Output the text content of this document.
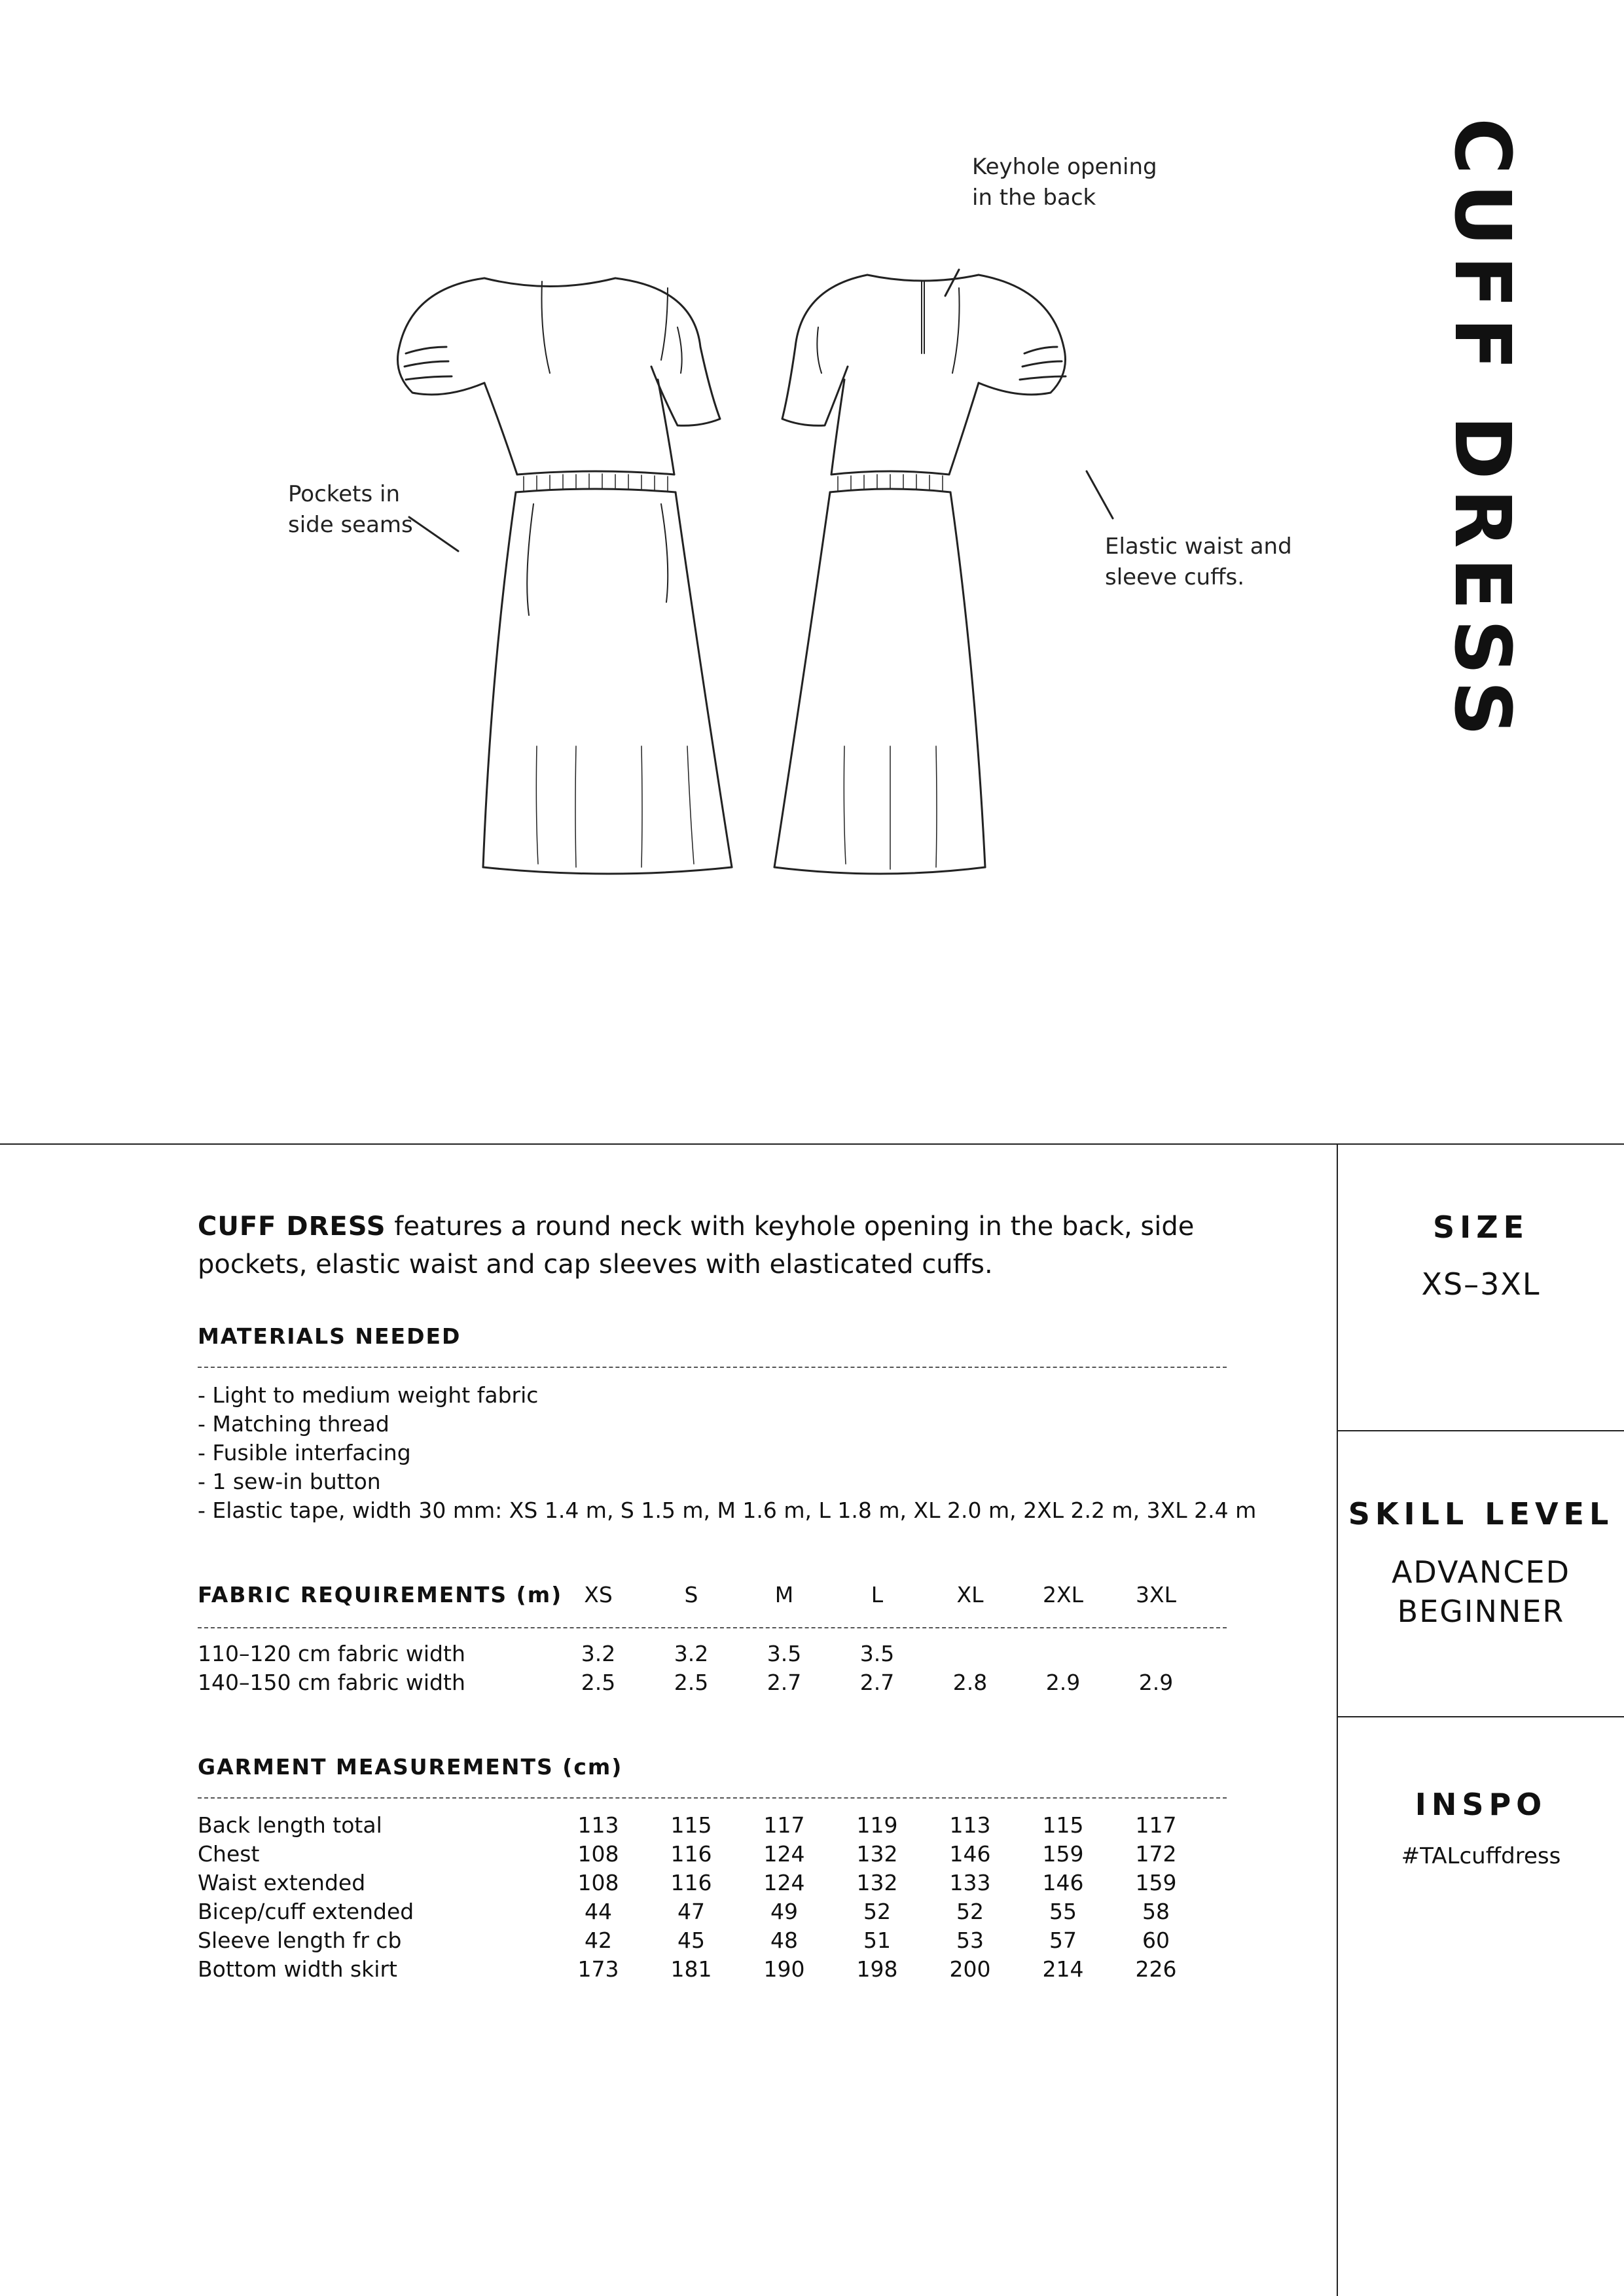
CUFF DRESS
Keyhole opening
in the back
Pockets in
side seams
Elastic waist and
sleeve cuffs.
CUFF DRESS features a round neck with keyhole opening in the back, side
pockets, elastic waist and cap sleeves with elasticated cuffs.
MATERIALS NEEDED
- Light to medium weight fabric
- Matching thread
- Fusible interfacing
- 1 sew-in button
- Elastic tape, width 30 mm: XS 1.4 m, S 1.5 m, M 1.6 m, L 1.8 m, XL 2.0 m, 2XL 2.2 m, 3XL 2.4 m
FABRIC REQUIREMENTS (m)	XS	S	M	L	XL	2XL	3XL
110–120 cm fabric width	3.2	3.2	3.5	3.5
140–150 cm fabric width	2.5	2.5	2.7	2.7	2.8	2.9	2.9
GARMENT MEASUREMENTS (cm)
Back length total	113	115	117	119	113	115	117
Chest	108	116	124	132	146	159	172
Waist extended	108	116	124	132	133	146	159
Bicep/cuff extended	44	47	49	52	52	55	58
Sleeve length fr cb	42	45	48	51	53	57	60
Bottom width skirt	173	181	190	198	200	214	226
SIZE
XS–3XL
SKILL LEVEL
ADVANCED
BEGINNER
INSPO
#TALcuffdress
